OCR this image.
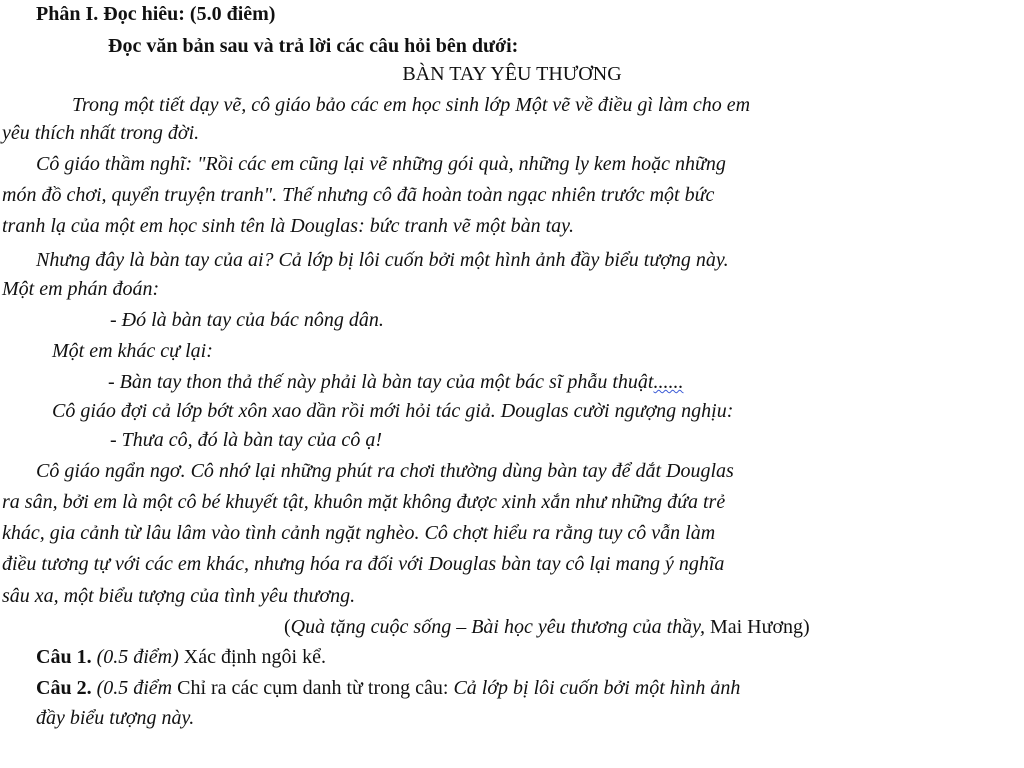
Phân I. Đọc hiêu: (5.0 điêm)
Đọc văn bản sau và trả lời các câu hỏi bên dưới:
BÀN TAY YÊU THƯƠNG
Trong một tiết dạy vẽ, cô giáo bảo các em học sinh lớp Một vẽ về điều gì làm cho em
yêu thích nhất trong đời.
Cô giáo thầm nghĩ: "Rồi các em cũng lại vẽ những gói quà, những ly kem hoặc những
món đồ chơi, quyển truyện tranh". Thế nhưng cô đã hoàn toàn ngạc nhiên trước một bức
tranh lạ của một em học sinh tên là Douglas: bức tranh vẽ một bàn tay.
Nhưng đây là bàn tay của ai? Cả lớp bị lôi cuốn bởi một hình ảnh đầy biểu tượng này.
Một em phán đoán:
- Đó là bàn tay của bác nông dân.
Một em khác cự lại:
- Bàn tay thon thả thế này phải là bàn tay của một bác sĩ phẫu thuật......
Cô giáo đợi cả lớp bớt xôn xao dần rồi mới hỏi tác giả. Douglas cười ngượng nghịu:
- Thưa cô, đó là bàn tay của cô ạ!
Cô giáo ngẩn ngơ. Cô nhớ lại những phút ra chơi thường dùng bàn tay để dắt Douglas
ra sân, bởi em là một cô bé khuyết tật, khuôn mặt không được xinh xắn như những đứa trẻ
khác, gia cảnh từ lâu lâm vào tình cảnh ngặt nghèo. Cô chợt hiểu ra rằng tuy cô vẫn làm
điều tương tự với các em khác, nhưng hóa ra đối với Douglas bàn tay cô lại mang ý nghĩa
sâu xa, một biểu tượng của tình yêu thương.
(Quà tặng cuộc sống – Bài học yêu thương của thầy, Mai Hương)
Câu 1. (0.5 điểm) Xác định ngôi kể.
Câu 2. (0.5 điểm Chỉ ra các cụm danh từ trong câu: Cả lớp bị lôi cuốn bởi một hình ảnh
đầy biểu tượng này.
